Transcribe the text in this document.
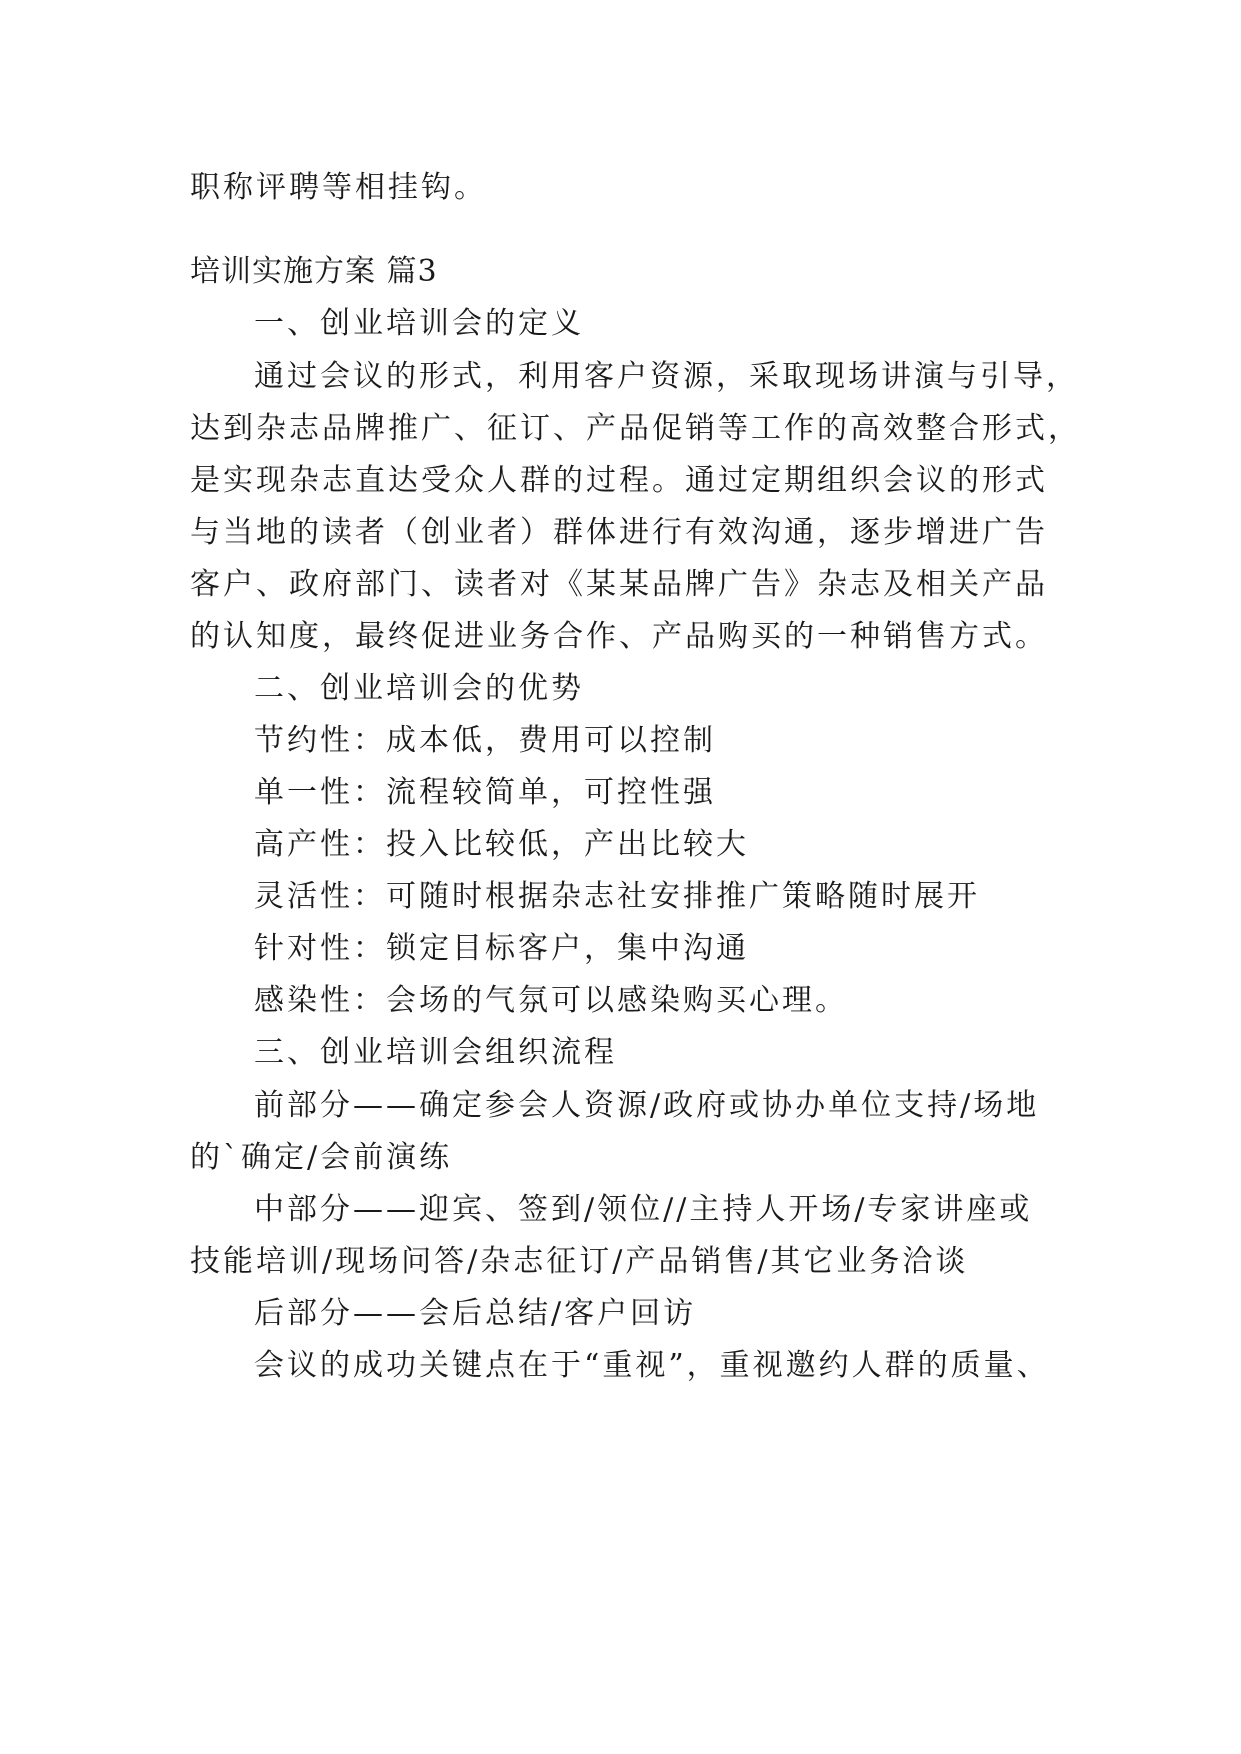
职称评聘等相挂钩。
培训实施方案 篇3
一、创业培训会的定义
通过会议的形式，利用客户资源，采取现场讲演与引导，
达到杂志品牌推广、征订、产品促销等工作的高效整合形式，
是实现杂志直达受众人群的过程。通过定期组织会议的形式
与当地的读者（创业者）群体进行有效沟通，逐步增进广告
客户、政府部门、读者对《某某品牌广告》杂志及相关产品
的认知度，最终促进业务合作、产品购买的一种销售方式。
二、创业培训会的优势
节约性：成本低，费用可以控制
单一性：流程较简单，可控性强
高产性：投入比较低，产出比较大
灵活性：可随时根据杂志社安排推广策略随时展开
针对性：锁定目标客户，集中沟通
感染性：会场的气氛可以感染购买心理。
三、创业培训会组织流程
前部分——确定参会人资源/政府或协办单位支持/场地
的`确定/会前演练
中部分——迎宾、签到/领位//主持人开场/专家讲座或
技能培训/现场问答/杂志征订/产品销售/其它业务洽谈
后部分——会后总结/客户回访
会议的成功关键点在于“重视”，重视邀约人群的质量、
